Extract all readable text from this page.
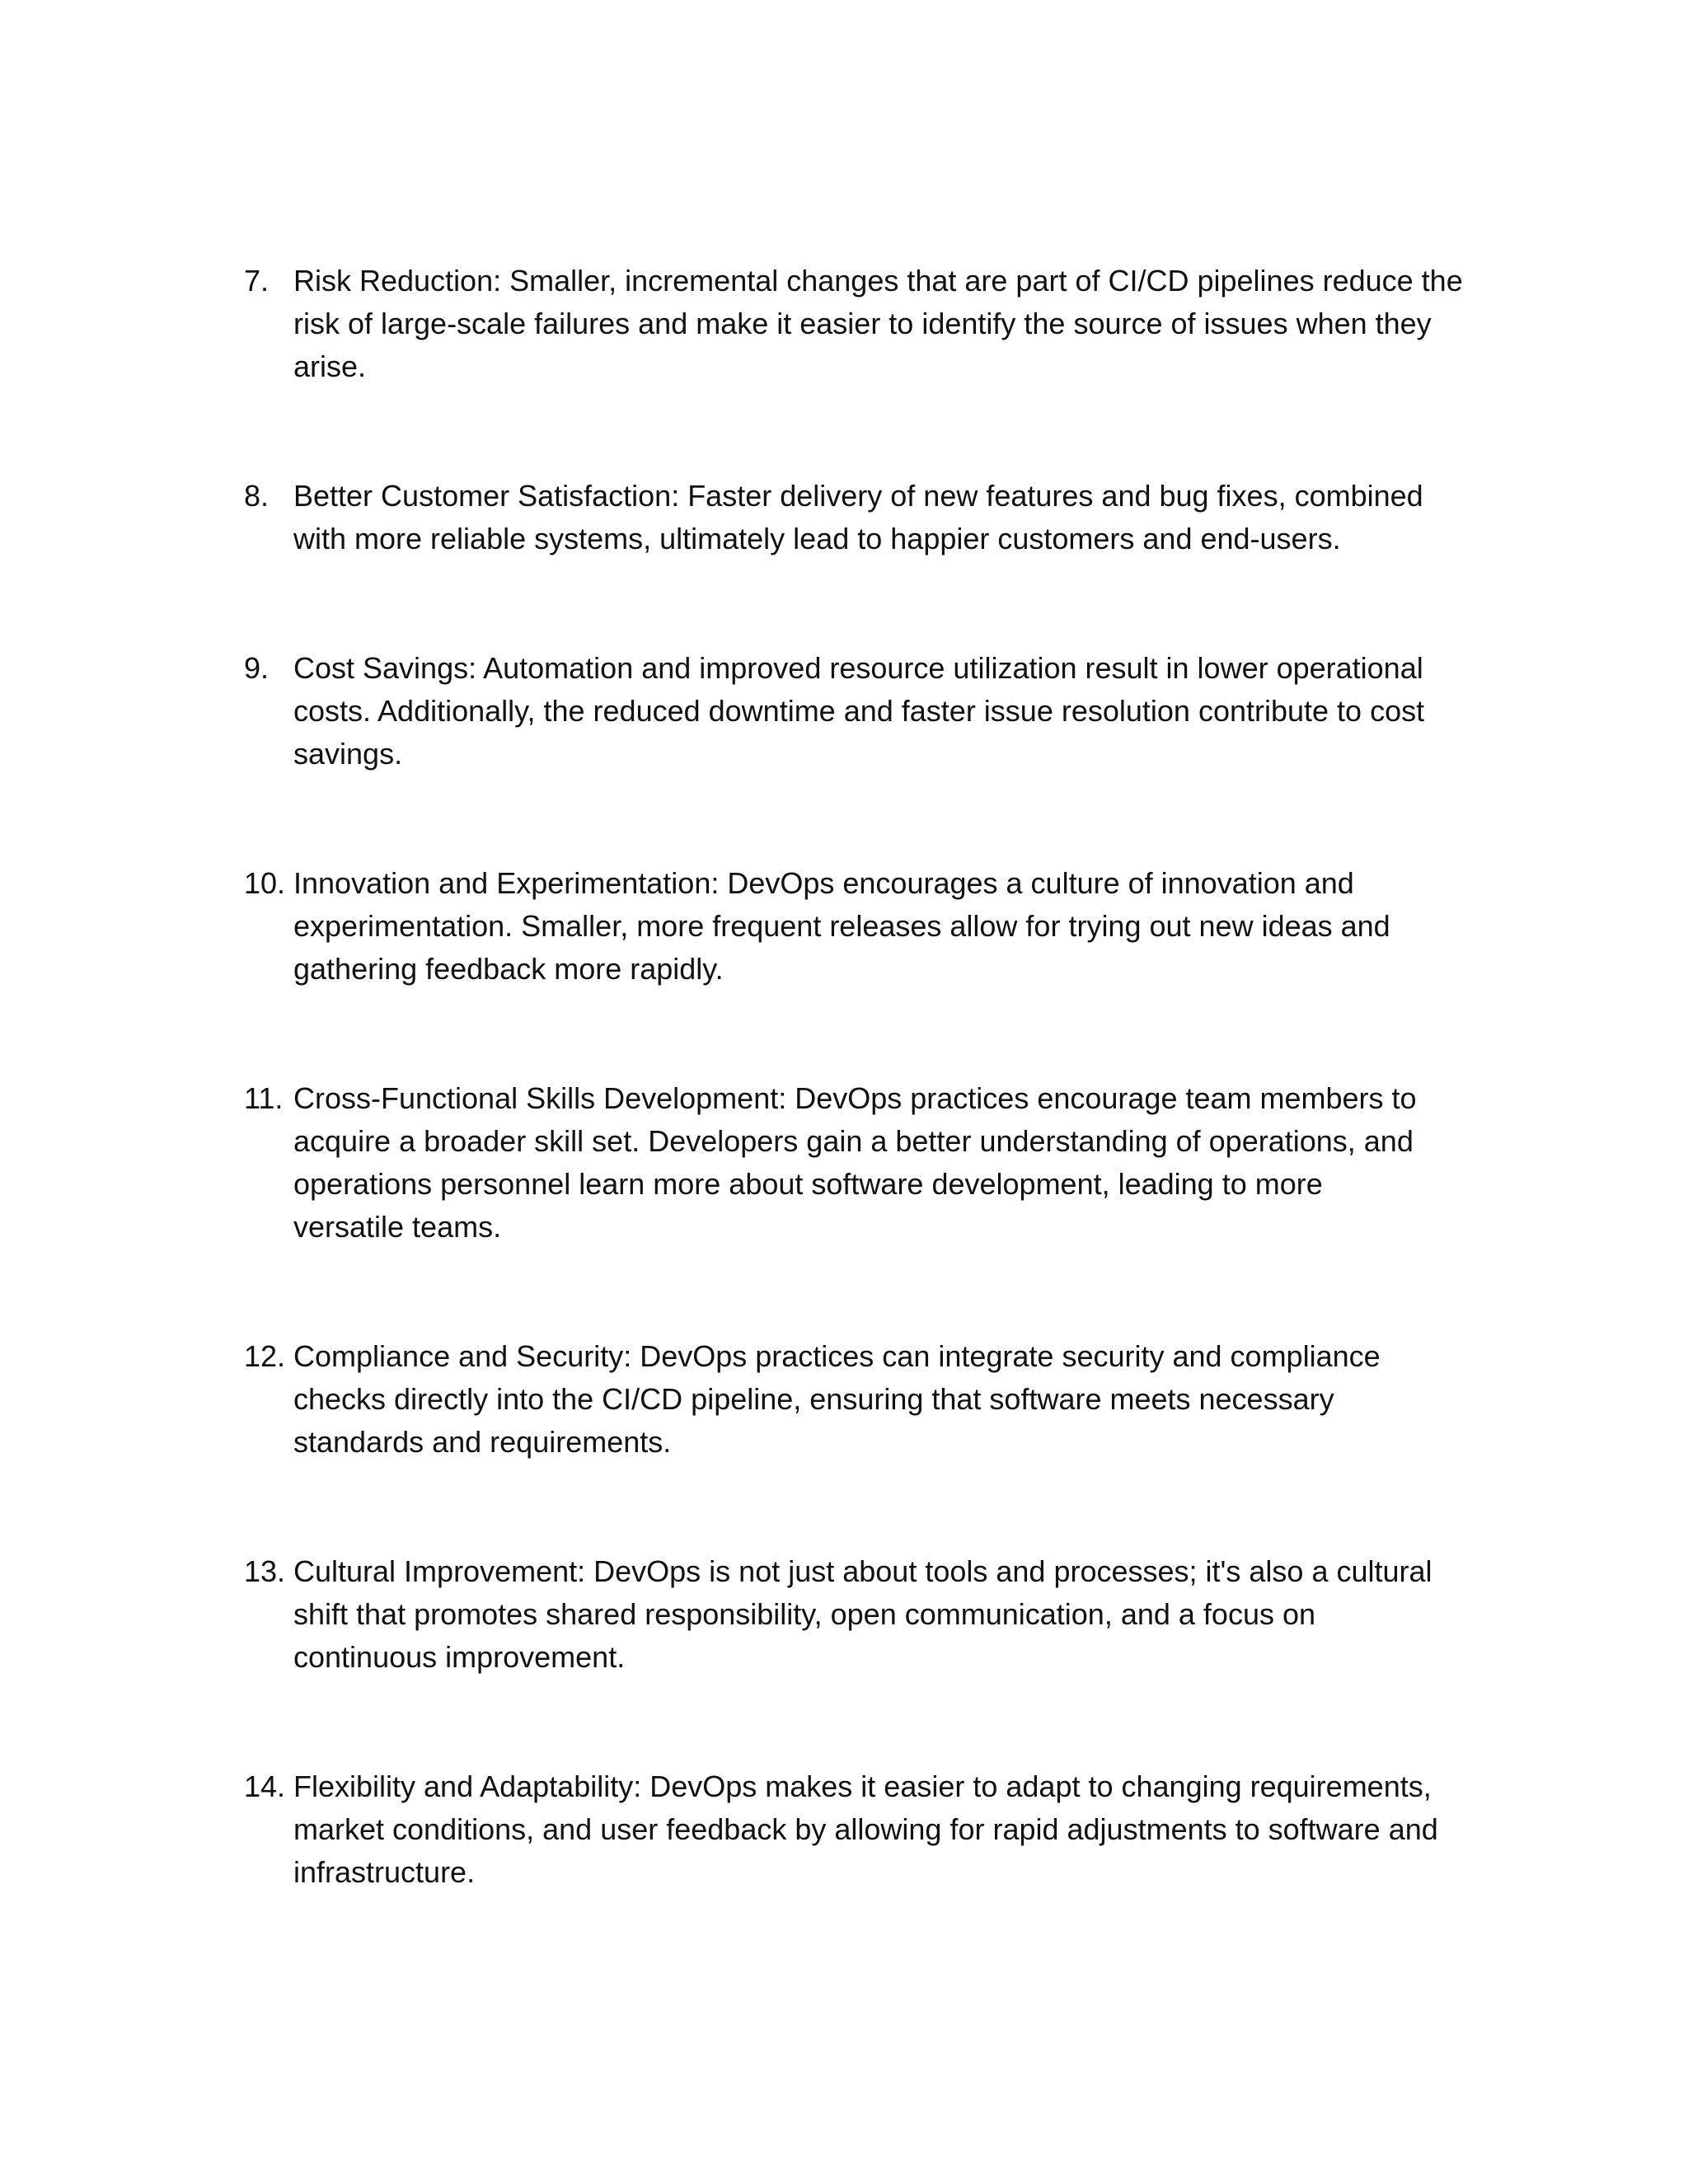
7. Risk Reduction: Smaller, incremental changes that are part of CI/CD pipelines reduce the
risk of large-scale failures and make it easier to identify the source of issues when they
arise.
8. Better Customer Satisfaction: Faster delivery of new features and bug fixes, combined
with more reliable systems, ultimately lead to happier customers and end-users.
9. Cost Savings: Automation and improved resource utilization result in lower operational
costs. Additionally, the reduced downtime and faster issue resolution contribute to cost
savings.
10. Innovation and Experimentation: DevOps encourages a culture of innovation and
experimentation. Smaller, more frequent releases allow for trying out new ideas and
gathering feedback more rapidly.
11. Cross-Functional Skills Development: DevOps practices encourage team members to
acquire a broader skill set. Developers gain a better understanding of operations, and
operations personnel learn more about software development, leading to more
versatile teams.
12. Compliance and Security: DevOps practices can integrate security and compliance
checks directly into the CI/CD pipeline, ensuring that software meets necessary
standards and requirements.
13. Cultural Improvement: DevOps is not just about tools and processes; it's also a cultural
shift that promotes shared responsibility, open communication, and a focus on
continuous improvement.
14. Flexibility and Adaptability: DevOps makes it easier to adapt to changing requirements,
market conditions, and user feedback by allowing for rapid adjustments to software and
infrastructure.
